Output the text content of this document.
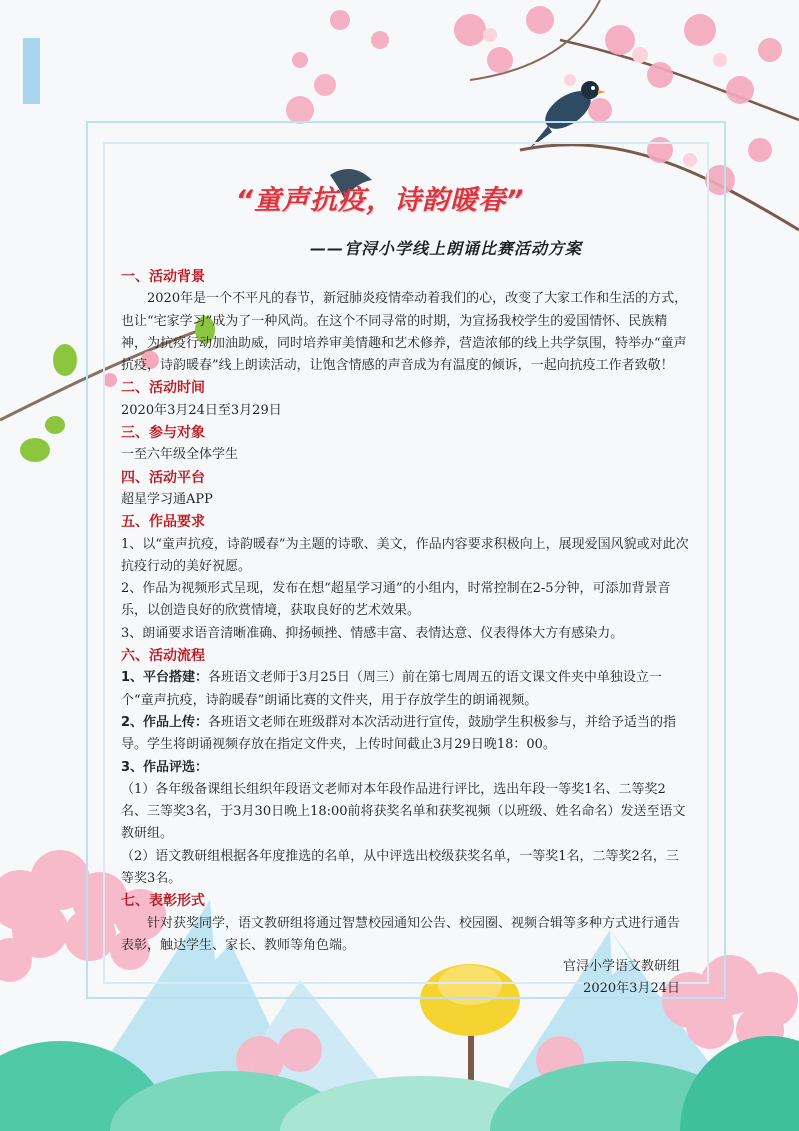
“童声抗疫，诗韵暖春”
——官浔小学线上朗诵比赛活动方案

一、活动背景

2020年是一个不平凡的春节，新冠肺炎疫情牵动着我们的心，改变了大家工作和生活的方式，也让“宅家学习”成为了一种风尚。在这个不同寻常的时期，为宣扬我校学生的爱国情怀、民族精神，为抗疫行动加油助威，同时培养审美情趣和艺术修养，营造浓郁的线上共学氛围，特举办“童声抗疫，诗韵暖春”线上朗读活动，让饱含情感的声音成为有温度的倾诉，一起向抗疫工作者致敬！

二、活动时间

2020年3月24日至3月29日

三、参与对象

一至六年级全体学生

四、活动平台

超星学习通APP

五、作品要求

1、以“童声抗疫，诗韵暖春”为主题的诗歌、美文，作品内容要求积极向上，展现爱国风貌或对此次抗疫行动的美好祝愿。

2、作品为视频形式呈现，发布在想“超星学习通”的小组内，时常控制在2-5分钟，可添加背景音乐，以创造良好的欣赏情境，获取良好的艺术效果。

3、朗诵要求语音清晰准确、抑扬顿挫、情感丰富、表情达意、仪表得体大方有感染力。

六、活动流程

1、平台搭建：各班语文老师于3月25日（周三）前在第七周周五的语文课文件夹中单独设立一个“童声抗疫，诗韵暖春”朗诵比赛的文件夹，用于存放学生的朗诵视频。

2、作品上传：各班语文老师在班级群对本次活动进行宣传，鼓励学生积极参与，并给予适当的指导。学生将朗诵视频存放在指定文件夹，上传时间截止3月29日晚18：00。

3、作品评选：

（1）各年级备课组长组织年段语文老师对本年段作品进行评比，选出年段一等奖1名、二等奖2名、三等奖3名，于3月30日晚上18:00前将获奖名单和获奖视频（以班级、姓名命名）发送至语文教研组。

（2）语文教研组根据各年度推选的名单，从中评选出校级获奖名单，一等奖1名，二等奖2名，三等奖3名。

七、表彰形式

针对获奖同学，语文教研组将通过智慧校园通知公告、校园圈、视频合辑等多种方式进行通告表彰，触达学生、家长、教师等角色端。

官浔小学语文教研组
2020年3月24日
